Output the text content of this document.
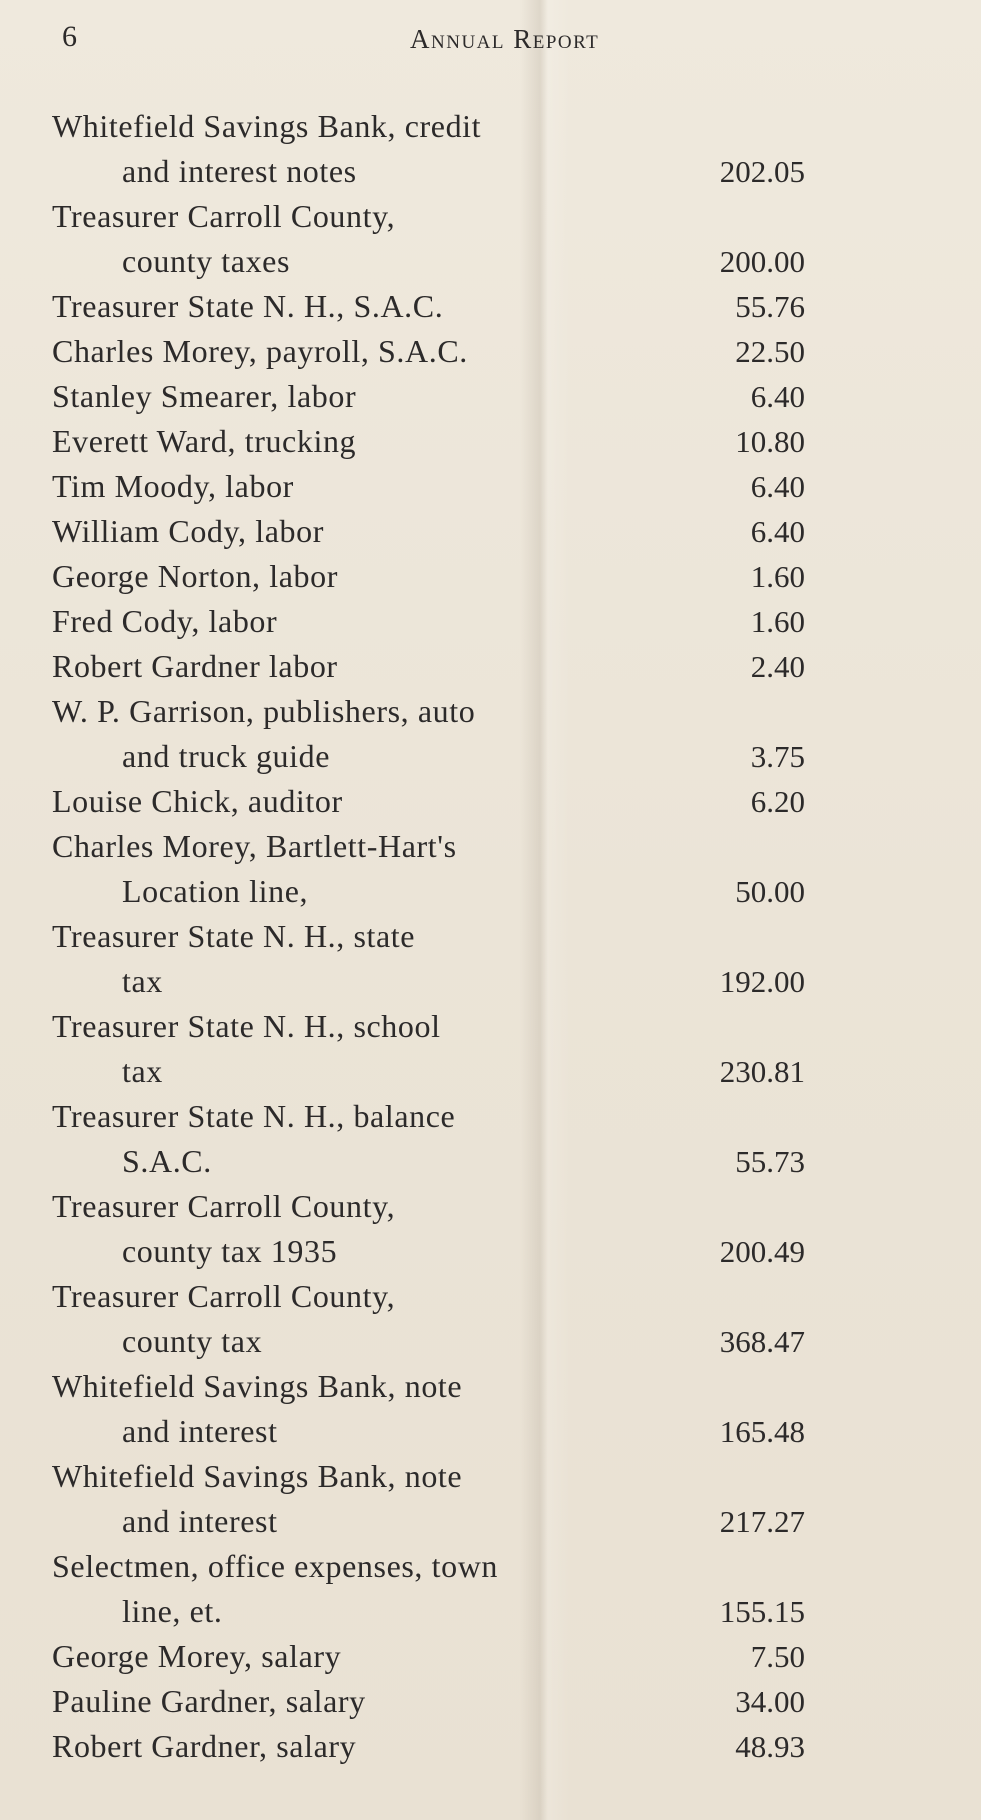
6	Annual Report
Whitefield Savings Bank, credit
and interest notes	202.05
Treasurer Carroll County,
county taxes	200.00
Treasurer State N. H., S.A.C.	55.76
Charles Morey, payroll, S.A.C.	22.50
Stanley Smearer, labor	6.40
Everett Ward, trucking	10.80
Tim Moody, labor	6.40
William Cody, labor	6.40
George Norton, labor	1.60
Fred Cody, labor	1.60
Robert Gardner labor	2.40
W. P. Garrison, publishers, auto
and truck guide	3.75
Louise Chick, auditor	6.20
Charles Morey, Bartlett-Hart's
Location line,	50.00
Treasurer State N. H., state
tax	192.00
Treasurer State N. H., school
tax	230.81
Treasurer State N. H., balance
S.A.C.	55.73
Treasurer Carroll County,
county tax 1935	200.49
Treasurer Carroll County,
county tax	368.47
Whitefield Savings Bank, note
and interest	165.48
Whitefield Savings Bank, note
and interest	217.27
Selectmen, office expenses, town
line, et.	155.15
George Morey, salary	7.50
Pauline Gardner, salary	34.00
Robert Gardner, salary	48.93
